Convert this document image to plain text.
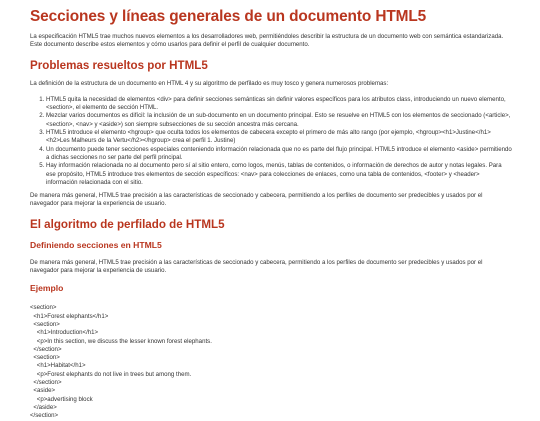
Secciones y líneas generales de un documento HTML5

La especificación HTML5 trae muchos nuevos elementos a los desarrolladores web, permitiéndoles describir la estructura de un documento web con semántica estandarizada. Este documento describe estos elementos y cómo usarlos para definir el perfil de cualquier documento.

Problemas resueltos por HTML5

La definición de la estructura de un documento en HTML 4 y su algoritmo de perfilado es muy tosco y genera numerosos problemas:

1. HTML5 quita la necesidad de elementos <div> para definir secciones semánticas sin definir valores específicos para los atributos class, introduciendo un nuevo elemento, <section>, el elemento de sección HTML.
2. Mezclar varios documentos es difícil: la inclusión de un sub-documento en un documento principal. Esto se resuelve en HTML5 con los elementos de seccionado (<article>, <section>, <nav> y <aside>) son siempre subsecciones de su sección ancestra más cercana.
3. HTML5 introduce el elemento <hgroup> que oculta todos los elementos de cabecera excepto el primero de más alto rango (por ejemplo, <hgroup><h1>Justine</h1><h2>Les Malheurs de la Vertu</h2></hgroup> crea el perfil 1. Justine)
4. Un documento puede tener secciones especiales conteniendo información relacionada que no es parte del flujo principal. HTML5 introduce el elemento <aside> permitiendo a dichas secciones no ser parte del perfil principal.
5. Hay información relacionada no al documento pero sí al sitio entero, como logos, menús, tablas de contenidos, o información de derechos de autor y notas legales. Para ese propósito, HTML5 introduce tres elementos de sección específicos: <nav> para colecciones de enlaces, como una tabla de contenidos, <footer> y <header> información relacionada con el sitio.

De manera más general, HTML5 trae precisión a las características de seccionado y cabecera, permitiendo a los perfiles de documento ser predecibles y usados por el navegador para mejorar la experiencia de usuario.

El algoritmo de perfilado de HTML5
Definiendo secciones en HTML5

De manera más general, HTML5 trae precisión a las características de seccionado y cabecera, permitiendo a los perfiles de documento ser predecibles y usados por el navegador para mejorar la experiencia de usuario.

Ejemplo
<section>
<h1>Forest elephants</h1>
<section>
<h1>Introduction</h1>
<p>In this section, we discuss the lesser known forest elephants.
</section>
<section>
<h1>Habitat</h1>
<p>Forest elephants do not live in trees but among them.
</section>
<aside>
<p>advertising block
</aside>
</section>
